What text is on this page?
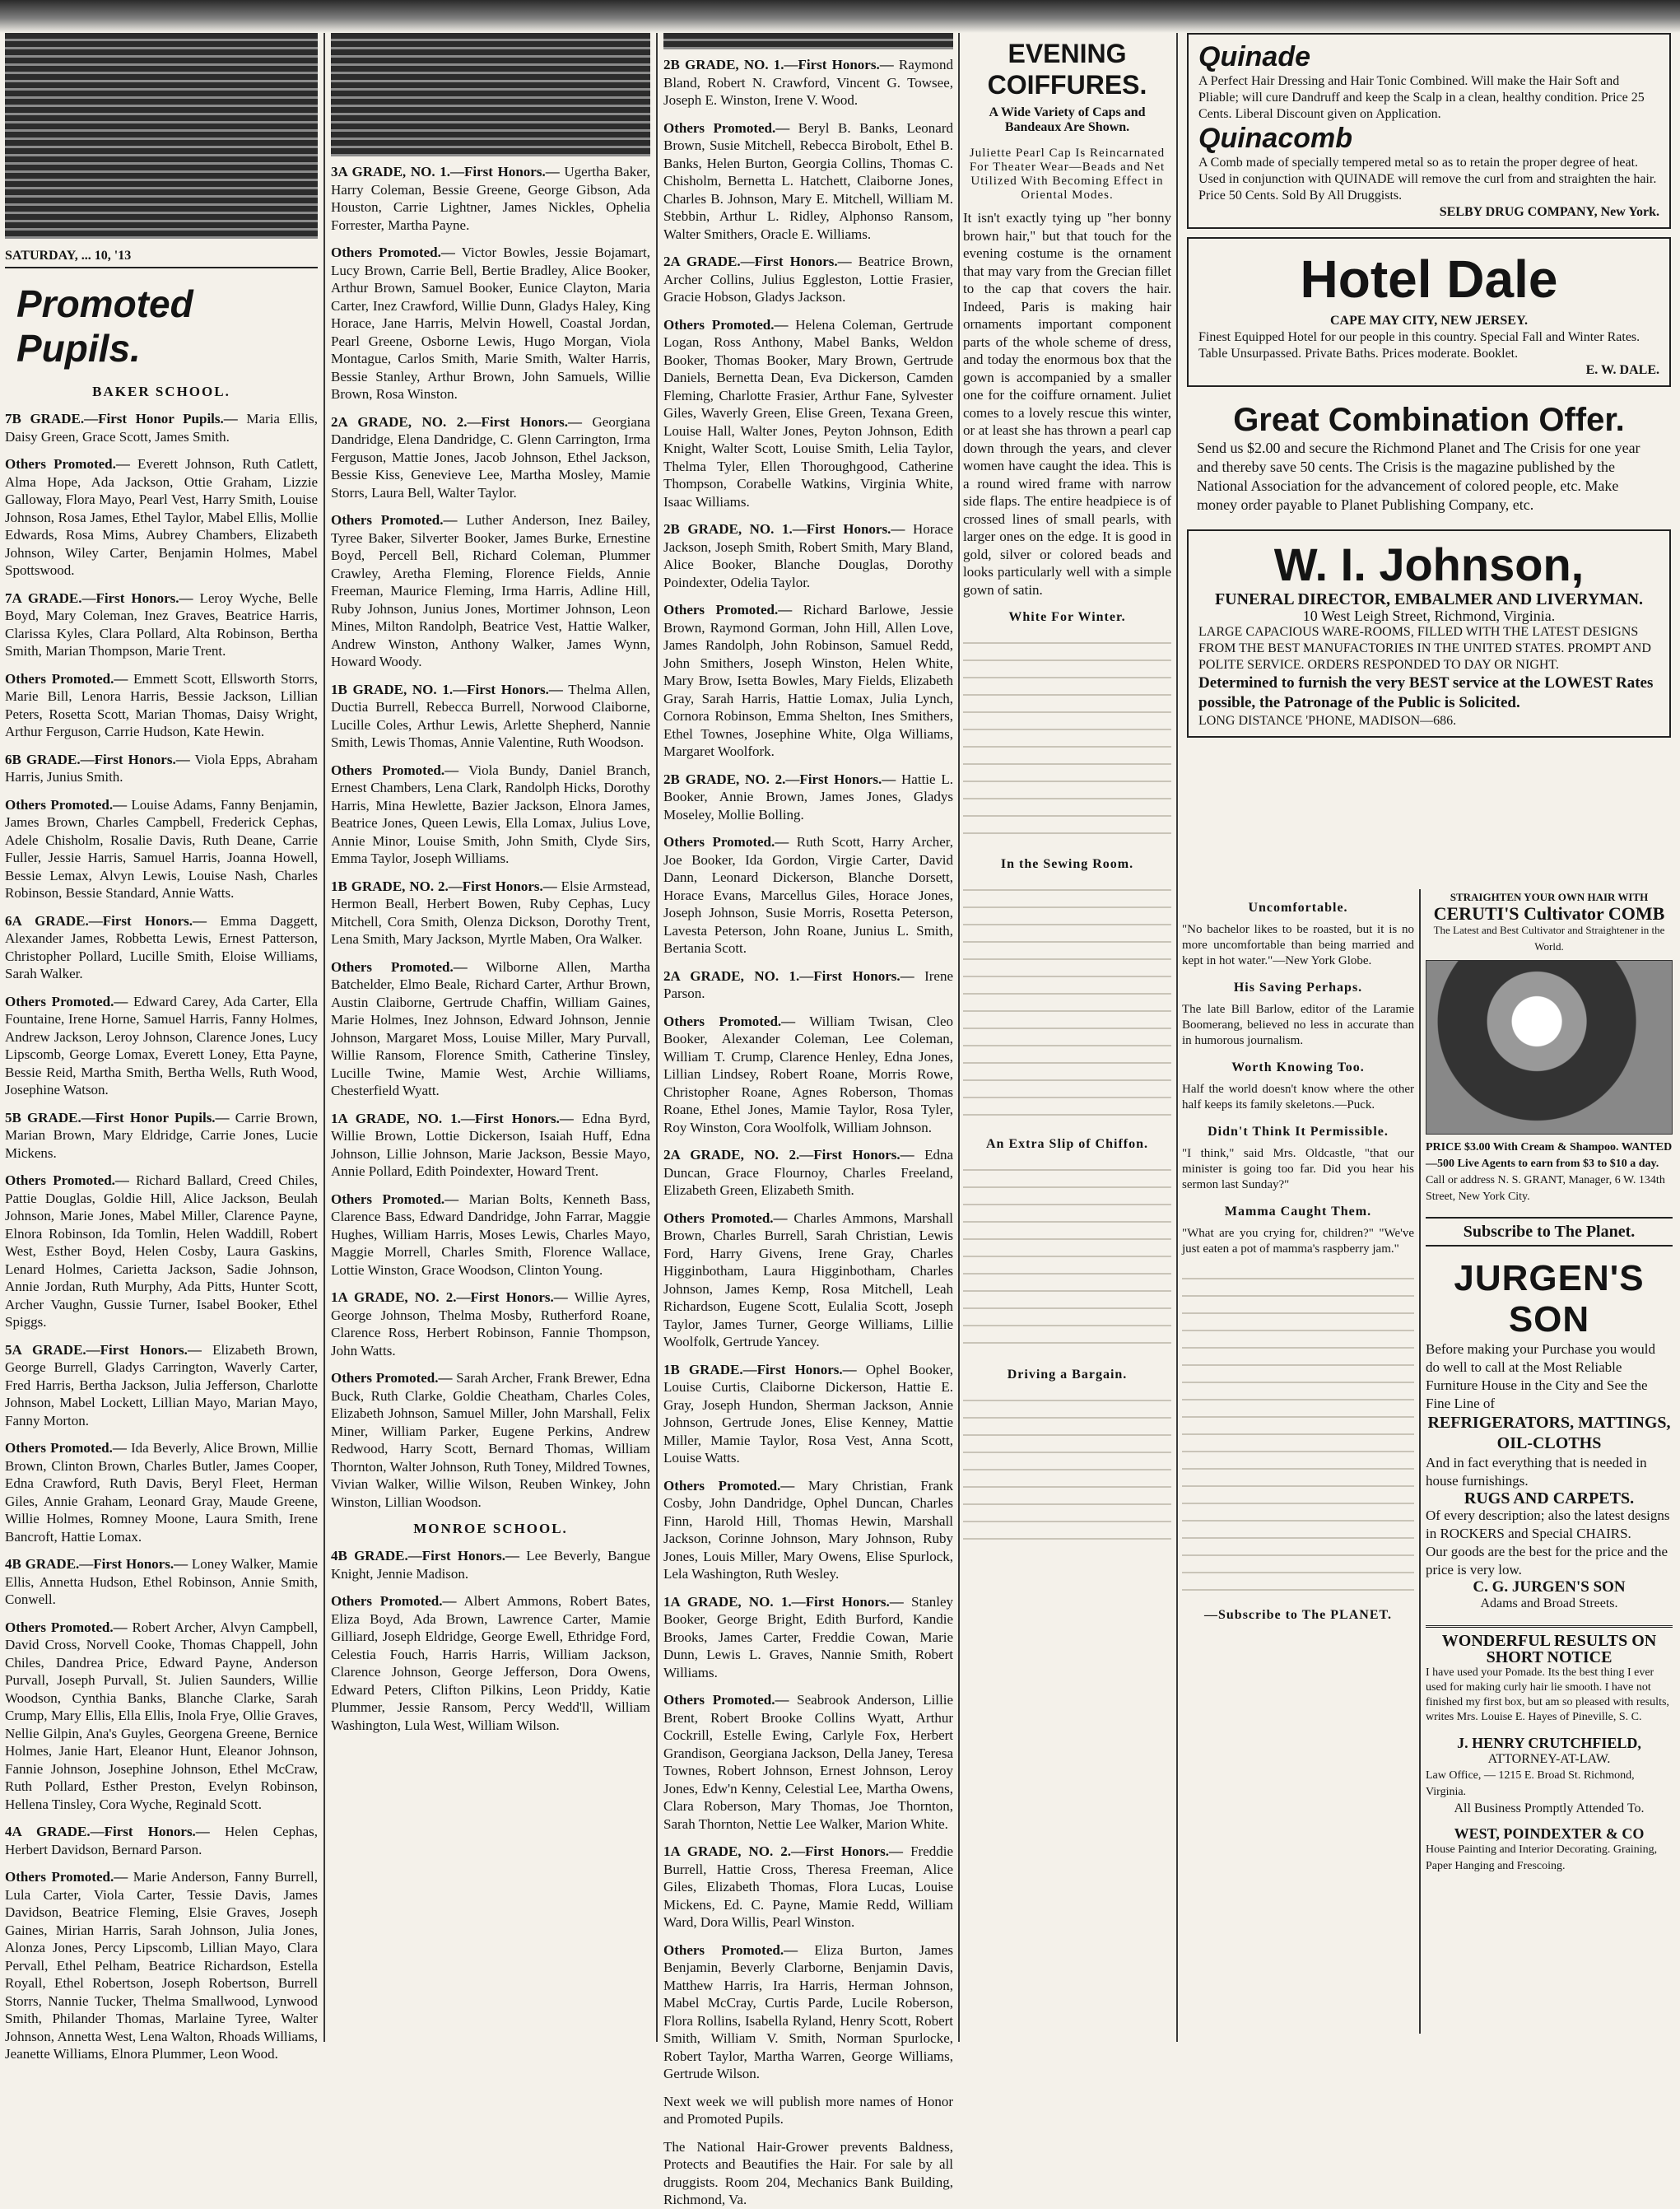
SATURDAY, ... 10, '13
Promoted
Pupils.
BAKER SCHOOL.

7B GRADE.—First Honor Pupils.— Maria Ellis, Daisy Green, Grace Scott, James Smith.

Others Promoted.— Everett Johnson, Ruth Catlett, Alma Hope, Ada Jackson, Ottie Graham, Lizzie Galloway, Flora Mayo, Pearl Vest, Harry Smith, Louise Johnson, Rosa James, Ethel Taylor, Mabel Ellis, Mollie Edwards, Rosa Mims, Aubrey Chambers, Elizabeth Johnson, Wiley Carter, Benjamin Holmes, Mabel Spottswood.

7A GRADE.—First Honors.— Leroy Wyche, Belle Boyd, Mary Coleman, Inez Graves, Beatrice Harris, Clarissa Kyles, Clara Pollard, Alta Robinson, Bertha Smith, Marian Thompson, Marie Trent.

Others Promoted.— Emmett Scott, Ellsworth Storrs, Marie Bill, Lenora Harris, Bessie Jackson, Lillian Peters, Rosetta Scott, Marian Thomas, Daisy Wright, Arthur Ferguson, Carrie Hudson, Kate Hewin.

6B GRADE.—First Honors.— Viola Epps, Abraham Harris, Junius Smith.

Others Promoted.— Louise Adams, Fanny Benjamin, James Brown, Charles Campbell, Frederick Cephas, Adele Chisholm, Rosalie Davis, Ruth Deane, Carrie Fuller, Jessie Harris, Samuel Harris, Joanna Howell, Bessie Lemax, Alvyn Lewis, Louise Nash, Charles Robinson, Bessie Standard, Annie Watts.

6A GRADE.—First Honors.— Emma Daggett, Alexander James, Robbetta Lewis, Ernest Patterson, Christopher Pollard, Lucille Smith, Eloise Williams, Sarah Walker.

Others Promoted.— Edward Carey, Ada Carter, Ella Fountaine, Irene Horne, Samuel Harris, Fanny Holmes, Andrew Jackson, Leroy Johnson, Clarence Jones, Lucy Lipscomb, George Lomax, Everett Loney, Etta Payne, Bessie Reid, Martha Smith, Bertha Wells, Ruth Wood, Josephine Watson.

5B GRADE.—First Honor Pupils.— Carrie Brown, Marian Brown, Mary Eldridge, Carrie Jones, Lucie Mickens.

Others Promoted.— Richard Ballard, Creed Chiles, Pattie Douglas, Goldie Hill, Alice Jackson, Beulah Johnson, Marie Jones, Mabel Miller, Clarence Payne, Elnora Robinson, Ida Tomlin, Helen Waddill, Robert West, Esther Boyd, Helen Cosby, Laura Gaskins, Lenard Holmes, Carietta Jackson, Sadie Johnson, Annie Jordan, Ruth Murphy, Ada Pitts, Hunter Scott, Archer Vaughn, Gussie Turner, Isabel Booker, Ethel Spiggs.

5A GRADE.—First Honors.— Elizabeth Brown, George Burrell, Gladys Carrington, Waverly Carter, Fred Harris, Bertha Jackson, Julia Jefferson, Charlotte Johnson, Mabel Lockett, Lillian Mayo, Marian Mayo, Fanny Morton.

Others Promoted.— Ida Beverly, Alice Brown, Millie Brown, Clinton Brown, Charles Butler, James Cooper, Edna Crawford, Ruth Davis, Beryl Fleet, Herman Giles, Annie Graham, Leonard Gray, Maude Greene, Willie Holmes, Romney Moone, Laura Smith, Irene Bancroft, Hattie Lomax.

4B GRADE.—First Honors.— Loney Walker, Mamie Ellis, Annetta Hudson, Ethel Robinson, Annie Smith, Conwell.

Others Promoted.— Robert Archer, Alvyn Campbell, David Cross, Norvell Cooke, Thomas Chappell, John Chiles, Dandrea Price, Edward Payne, Anderson Purvall, Joseph Purvall, St. Julien Saunders, Willie Woodson, Cynthia Banks, Blanche Clarke, Sarah Crump, Mary Ellis, Ella Ellis, Inola Frye, Ollie Graves, Nellie Gilpin, Ana's Guyles, Georgena Greene, Bernice Holmes, Janie Hart, Eleanor Hunt, Eleanor Johnson, Fannie Johnson, Josephine Johnson, Ethel McCraw, Ruth Pollard, Esther Preston, Evelyn Robinson, Hellena Tinsley, Cora Wyche, Reginald Scott.

4A GRADE.—First Honors.— Helen Cephas, Herbert Davidson, Bernard Parson.

Others Promoted.— Marie Anderson, Fanny Burrell, Lula Carter, Viola Carter, Tessie Davis, James Davidson, Beatrice Fleming, Elsie Graves, Joseph Gaines, Mirian Harris, Sarah Johnson, Julia Jones, Alonza Jones, Percy Lipscomb, Lillian Mayo, Clara Pervall, Ethel Pelham, Beatrice Richardson, Estella Royall, Ethel Robertson, Joseph Robertson, Burrell Storrs, Nannie Tucker, Thelma Smallwood, Lynwood Smith, Philander Thomas, Marlaine Tyree, Walter Johnson, Annetta West, Lena Walton, Rhoads Williams, Jeanette Williams, Elnora Plummer, Leon Wood.

3A GRADE, NO. 1.—First Honors.— Ugertha Baker, Harry Coleman, Bessie Greene, George Gibson, Ada Houston, Carrie Lightner, James Nickles, Ophelia Forrester, Martha Payne.

Others Promoted.— Victor Bowles, Jessie Bojamart, Lucy Brown, Carrie Bell, Bertie Bradley, Alice Booker, Arthur Brown, Samuel Booker, Eunice Clayton, Maria Carter, Inez Crawford, Willie Dunn, Gladys Haley, King Horace, Jane Harris, Melvin Howell, Coastal Jordan, Pearl Greene, Osborne Lewis, Hugo Morgan, Viola Montague, Carlos Smith, Marie Smith, Walter Harris, Bessie Stanley, Arthur Brown, John Samuels, Willie Brown, Rosa Winston.

2A GRADE, NO. 2.—First Honors.— Georgiana Dandridge, Elena Dandridge, C. Glenn Carrington, Irma Ferguson, Mattie Jones, Jacob Johnson, Ethel Jackson, Bessie Kiss, Genevieve Lee, Martha Mosley, Mamie Storrs, Laura Bell, Walter Taylor.

Others Promoted.— Luther Anderson, Inez Bailey, Tyree Baker, Silverter Booker, James Burke, Ernestine Boyd, Percell Bell, Richard Coleman, Plummer Crawley, Aretha Fleming, Florence Fields, Annie Freeman, Maurice Fleming, Irma Harris, Adline Hill, Ruby Johnson, Junius Jones, Mortimer Johnson, Leon Mines, Milton Randolph, Beatrice Vest, Hattie Walker, Andrew Winston, Anthony Walker, James Wynn, Howard Woody.

1B GRADE, NO. 1.—First Honors.— Thelma Allen, Ductia Burrell, Rebecca Burrell, Norwood Claiborne, Lucille Coles, Arthur Lewis, Arlette Shepherd, Nannie Smith, Lewis Thomas, Annie Valentine, Ruth Woodson.

Others Promoted.— Viola Bundy, Daniel Branch, Ernest Chambers, Lena Clark, Randolph Hicks, Dorothy Harris, Mina Hewlette, Bazier Jackson, Elnora James, Beatrice Jones, Queen Lewis, Ella Lomax, Julius Love, Annie Minor, Louise Smith, John Smith, Clyde Sirs, Emma Taylor, Joseph Williams.

1B GRADE, NO. 2.—First Honors.— Elsie Armstead, Hermon Beall, Herbert Bowen, Ruby Cephas, Lucy Mitchell, Cora Smith, Olenza Dickson, Dorothy Trent, Lena Smith, Mary Jackson, Myrtle Maben, Ora Walker.

Others Promoted.— Wilborne Allen, Martha Batchelder, Elmo Beale, Richard Carter, Arthur Brown, Austin Claiborne, Gertrude Chaffin, William Gaines, Marie Holmes, Inez Johnson, Edward Johnson, Jennie Johnson, Margaret Moss, Louise Miller, Mary Purvall, Willie Ransom, Florence Smith, Catherine Tinsley, Lucille Twine, Mamie West, Archie Williams, Chesterfield Wyatt.

1A GRADE, NO. 1.—First Honors.— Edna Byrd, Willie Brown, Lottie Dickerson, Isaiah Huff, Edna Johnson, Lillie Johnson, Marie Jackson, Bessie Mayo, Annie Pollard, Edith Poindexter, Howard Trent.

Others Promoted.— Marian Bolts, Kenneth Bass, Clarence Bass, Edward Dandridge, John Farrar, Maggie Hughes, William Harris, Moses Lewis, Charles Mayo, Maggie Morrell, Charles Smith, Florence Wallace, Lottie Winston, Grace Woodson, Clinton Young.

1A GRADE, NO. 2.—First Honors.— Willie Ayres, George Johnson, Thelma Mosby, Rutherford Roane, Clarence Ross, Herbert Robinson, Fannie Thompson, John Watts.

Others Promoted.— Sarah Archer, Frank Brewer, Edna Buck, Ruth Clarke, Goldie Cheatham, Charles Coles, Elizabeth Johnson, Samuel Miller, John Marshall, Felix Miner, William Parker, Eugene Perkins, Andrew Redwood, Harry Scott, Bernard Thomas, William Thornton, Walter Johnson, Ruth Toney, Mildred Townes, Vivian Walker, Willie Wilson, Reuben Winkey, John Winston, Lillian Woodson.

MONROE SCHOOL.

4B GRADE.—First Honors.— Lee Beverly, Bangue Knight, Jennie Madison.

Others Promoted.— Albert Ammons, Robert Bates, Eliza Boyd, Ada Brown, Lawrence Carter, Mamie Gilliard, Joseph Eldridge, George Ewell, Ethridge Ford, Celestia Fouch, Harris Harris, William Jackson, Clarence Johnson, George Jefferson, Dora Owens, Edward Peters, Clifton Pilkins, Leon Priddy, Katie Plummer, Jessie Ransom, Percy Wedd'll, William Washington, Lula West, William Wilson.

2B GRADE, NO. 1.—First Honors.— Raymond Bland, Robert N. Crawford, Vincent G. Towsee, Joseph E. Winston, Irene V. Wood.

Others Promoted.— Beryl B. Banks, Leonard Brown, Susie Mitchell, Rebecca Birobolt, Ethel B. Banks, Helen Burton, Georgia Collins, Thomas C. Chisholm, Bernetta L. Hatchett, Claiborne Jones, Charles B. Johnson, Mary E. Mitchell, William M. Stebbin, Arthur L. Ridley, Alphonso Ransom, Walter Smithers, Oracle E. Williams.

2A GRADE.—First Honors.— Beatrice Brown, Archer Collins, Julius Eggleston, Lottie Frasier, Gracie Hobson, Gladys Jackson.

Others Promoted.— Helena Coleman, Gertrude Logan, Ross Anthony, Mabel Banks, Weldon Booker, Thomas Booker, Mary Brown, Gertrude Daniels, Bernetta Dean, Eva Dickerson, Camden Fleming, Charlotte Frasier, Arthur Fane, Sylvester Giles, Waverly Green, Elise Green, Texana Green, Louise Hall, Walter Jones, Peyton Johnson, Edith Knight, Walter Scott, Louise Smith, Lelia Taylor, Thelma Tyler, Ellen Thoroughgood, Catherine Thompson, Corabelle Watkins, Virginia White, Isaac Williams.

2B GRADE, NO. 1.—First Honors.— Horace Jackson, Joseph Smith, Robert Smith, Mary Bland, Alice Booker, Blanche Douglas, Dorothy Poindexter, Odelia Taylor.

Others Promoted.— Richard Barlowe, Jessie Brown, Raymond Gorman, John Hill, Allen Love, James Randolph, John Robinson, Samuel Redd, John Smithers, Joseph Winston, Helen White, Mary Brow, Isetta Bowles, Mary Fields, Elizabeth Gray, Sarah Harris, Hattie Lomax, Julia Lynch, Cornora Robinson, Emma Shelton, Ines Smithers, Ethel Townes, Josephine White, Olga Williams, Margaret Woolfork.

2B GRADE, NO. 2.—First Honors.— Hattie L. Booker, Annie Brown, James Jones, Gladys Moseley, Mollie Bolling.

Others Promoted.— Ruth Scott, Harry Archer, Joe Booker, Ida Gordon, Virgie Carter, David Dann, Leonard Dickerson, Blanche Dorsett, Horace Evans, Marcellus Giles, Horace Jones, Joseph Johnson, Susie Morris, Rosetta Peterson, Lavesta Peterson, John Roane, Junius L. Smith, Bertania Scott.

2A GRADE, NO. 1.—First Honors.— Irene Parson.

Others Promoted.— William Twisan, Cleo Booker, Alexander Coleman, Lee Coleman, William T. Crump, Clarence Henley, Edna Jones, Lillian Lindsey, Robert Roane, Morris Rowe, Christopher Roane, Agnes Roberson, Thomas Roane, Ethel Jones, Mamie Taylor, Rosa Tyler, Roy Winston, Cora Woolfolk, William Johnson.

2A GRADE, NO. 2.—First Honors.— Edna Duncan, Grace Flournoy, Charles Freeland, Elizabeth Green, Elizabeth Smith.

Others Promoted.— Charles Ammons, Marshall Brown, Charles Burrell, Sarah Christian, Lewis Ford, Harry Givens, Irene Gray, Charles Higginbotham, Laura Higginbotham, Charles Johnson, James Kemp, Rosa Mitchell, Leah Richardson, Eugene Scott, Eulalia Scott, Joseph Taylor, James Turner, George Williams, Lillie Woolfolk, Gertrude Yancey.

1B GRADE.—First Honors.— Ophel Booker, Louise Curtis, Claiborne Dickerson, Hattie E. Gray, Joseph Hundon, Sherman Jackson, Annie Johnson, Gertrude Jones, Elise Kenney, Mattie Miller, Mamie Taylor, Rosa Vest, Anna Scott, Louise Watts.

Others Promoted.— Mary Christian, Frank Cosby, John Dandridge, Ophel Duncan, Charles Finn, Harold Hill, Thomas Hewin, Marshall Jackson, Corinne Johnson, Mary Johnson, Ruby Jones, Louis Miller, Mary Owens, Elise Spurlock, Lela Washington, Ruth Wesley.

1A GRADE, NO. 1.—First Honors.— Stanley Booker, George Bright, Edith Burford, Kandie Brooks, James Carter, Freddie Cowan, Marie Dunn, Lewis L. Graves, Nannie Smith, Robert Williams.

Others Promoted.— Seabrook Anderson, Lillie Brent, Robert Brooke Collins Wyatt, Arthur Cockrill, Estelle Ewing, Carlyle Fox, Herbert Grandison, Georgiana Jackson, Della Janey, Teresa Townes, Robert Johnson, Ernest Johnson, Leroy Jones, Edw'n Kenny, Celestial Lee, Martha Owens, Clara Roberson, Mary Thomas, Joe Thornton, Sarah Thornton, Nettie Lee Walker, Marion White.

1A GRADE, NO. 2.—First Honors.— Freddie Burrell, Hattie Cross, Theresa Freeman, Alice Giles, Elizabeth Thomas, Flora Lucas, Louise Mickens, Ed. C. Payne, Mamie Redd, William Ward, Dora Willis, Pearl Winston.

Others Promoted.— Eliza Burton, James Benjamin, Beverly Clarborne, Benjamin Davis, Matthew Harris, Ira Harris, Herman Johnson, Mabel McCray, Curtis Parde, Lucile Roberson, Flora Rollins, Isabella Ryland, Henry Scott, Robert Smith, William V. Smith, Norman Spurlocke, Robert Taylor, Martha Warren, George Williams, Gertrude Wilson.

Next week we will publish more names of Honor and Promoted Pupils.
The National Hair-Grower prevents Baldness, Protects and Beautifies the Hair. For sale by all druggists. Room 204, Mechanics Bank Building, Richmond, Va.
EVENING COIFFURES.
A Wide Variety of Caps and Bandeaux Are Shown.
Juliette Pearl Cap Is Reincarnated For Theater Wear—Beads and Net Utilized With Becoming Effect in Oriental Modes.
It isn't exactly tying up "her bonny brown hair," but that touch for the evening costume is the ornament that may vary from the Grecian fillet to the cap that covers the hair. Indeed, Paris is making hair ornaments important component parts of the whole scheme of dress, and today the enormous box that the gown is accompanied by a smaller one for the coiffure ornament. Juliet comes to a lovely rescue this winter, or at least she has thrown a pearl cap down through the years, and clever women have caught the idea. This is a round wired frame with narrow side flaps. The entire headpiece is of crossed lines of small pearls, with larger ones on the edge. It is good in gold, silver or colored beads and looks particularly well with a simple gown of satin.
White For Winter.
In the Sewing Room.
An Extra Slip of Chiffon.
Driving a Bargain.
Quinade
A Perfect Hair Dressing and Hair Tonic Combined. Will make the Hair Soft and Pliable; will cure Dandruff and keep the Scalp in a clean, healthy condition. Price 25 Cents. Liberal Discount given on Application.
Quinacomb
A Comb made of specially tempered metal so as to retain the proper degree of heat. Used in conjunction with QUINADE will remove the curl from and straighten the hair. Price 50 Cents. Sold By All Druggists.
SELBY DRUG COMPANY, New York.
Hotel Dale
CAPE MAY CITY, NEW JERSEY.
Finest Equipped Hotel for our people in this country. Special Fall and Winter Rates. Table Unsurpassed. Private Baths. Prices moderate. Booklet.
E. W. DALE.
Great Combination Offer.
Send us $2.00 and secure the Richmond Planet and The Crisis for one year and thereby save 50 cents. The Crisis is the magazine published by the National Association for the advancement of colored people, etc. Make money order payable to Planet Publishing Company, etc.
W. I. Johnson,
FUNERAL DIRECTOR, EMBALMER AND LIVERYMAN.
10 West Leigh Street, Richmond, Virginia.
LARGE CAPACIOUS WARE-ROOMS, FILLED WITH THE LATEST DESIGNS FROM THE BEST MANUFACTORIES IN THE UNITED STATES. PROMPT AND POLITE SERVICE. ORDERS RESPONDED TO DAY OR NIGHT.
Determined to furnish the very BEST service at the LOWEST Rates possible, the Patronage of the Public is Solicited.
LONG DISTANCE 'PHONE, MADISON—686.
Uncomfortable.
"No bachelor likes to be roasted, but it is no more uncomfortable than being married and kept in hot water."—New York Globe.
His Saving Perhaps.
The late Bill Barlow, editor of the Laramie Boomerang, believed no less in accurate than in humorous journalism.
Worth Knowing Too.
Half the world doesn't know where the other half keeps its family skeletons.—Puck.
Didn't Think It Permissible.
"I think," said Mrs. Oldcastle, "that our minister is going too far. Did you hear his sermon last Sunday?"
Mamma Caught Them.
"What are you crying for, children?" "We've just eaten a pot of mamma's raspberry jam."
—Subscribe to The PLANET.
STRAIGHTEN YOUR OWN HAIR WITH
CERUTI'S Cultivator COMB
The Latest and Best Cultivator and Straightener in the World.
PRICE $3.00 With Cream & Shampoo. WANTED—500 Live Agents to earn from $3 to $10 a day.
Call or address N. S. GRANT, Manager, 6 W. 134th Street, New York City.
Subscribe to The Planet.
JURGEN'S SON
Before making your Purchase you would do well to call at the Most Reliable Furniture House in the City and See the Fine Line of
REFRIGERATORS, MATTINGS, OIL-CLOTHS
And in fact everything that is needed in house furnishings.
RUGS AND CARPETS.
Of every description; also the latest designs in ROCKERS and Special CHAIRS.
Our goods are the best for the price and the price is very low.
C. G. JURGEN'S SON
Adams and Broad Streets.
WONDERFUL RESULTS ON SHORT NOTICE
I have used your Pomade. Its the best thing I ever used for making curly hair lie smooth. I have not finished my first box, but am so pleased with results, writes Mrs. Louise E. Hayes of Pineville, S. C.
J. HENRY CRUTCHFIELD,
ATTORNEY-AT-LAW.
Law Office, — 1215 E. Broad St. Richmond, Virginia.
All Business Promptly Attended To.
WEST, POINDEXTER & CO
House Painting and Interior Decorating. Graining, Paper Hanging and Frescoing.
